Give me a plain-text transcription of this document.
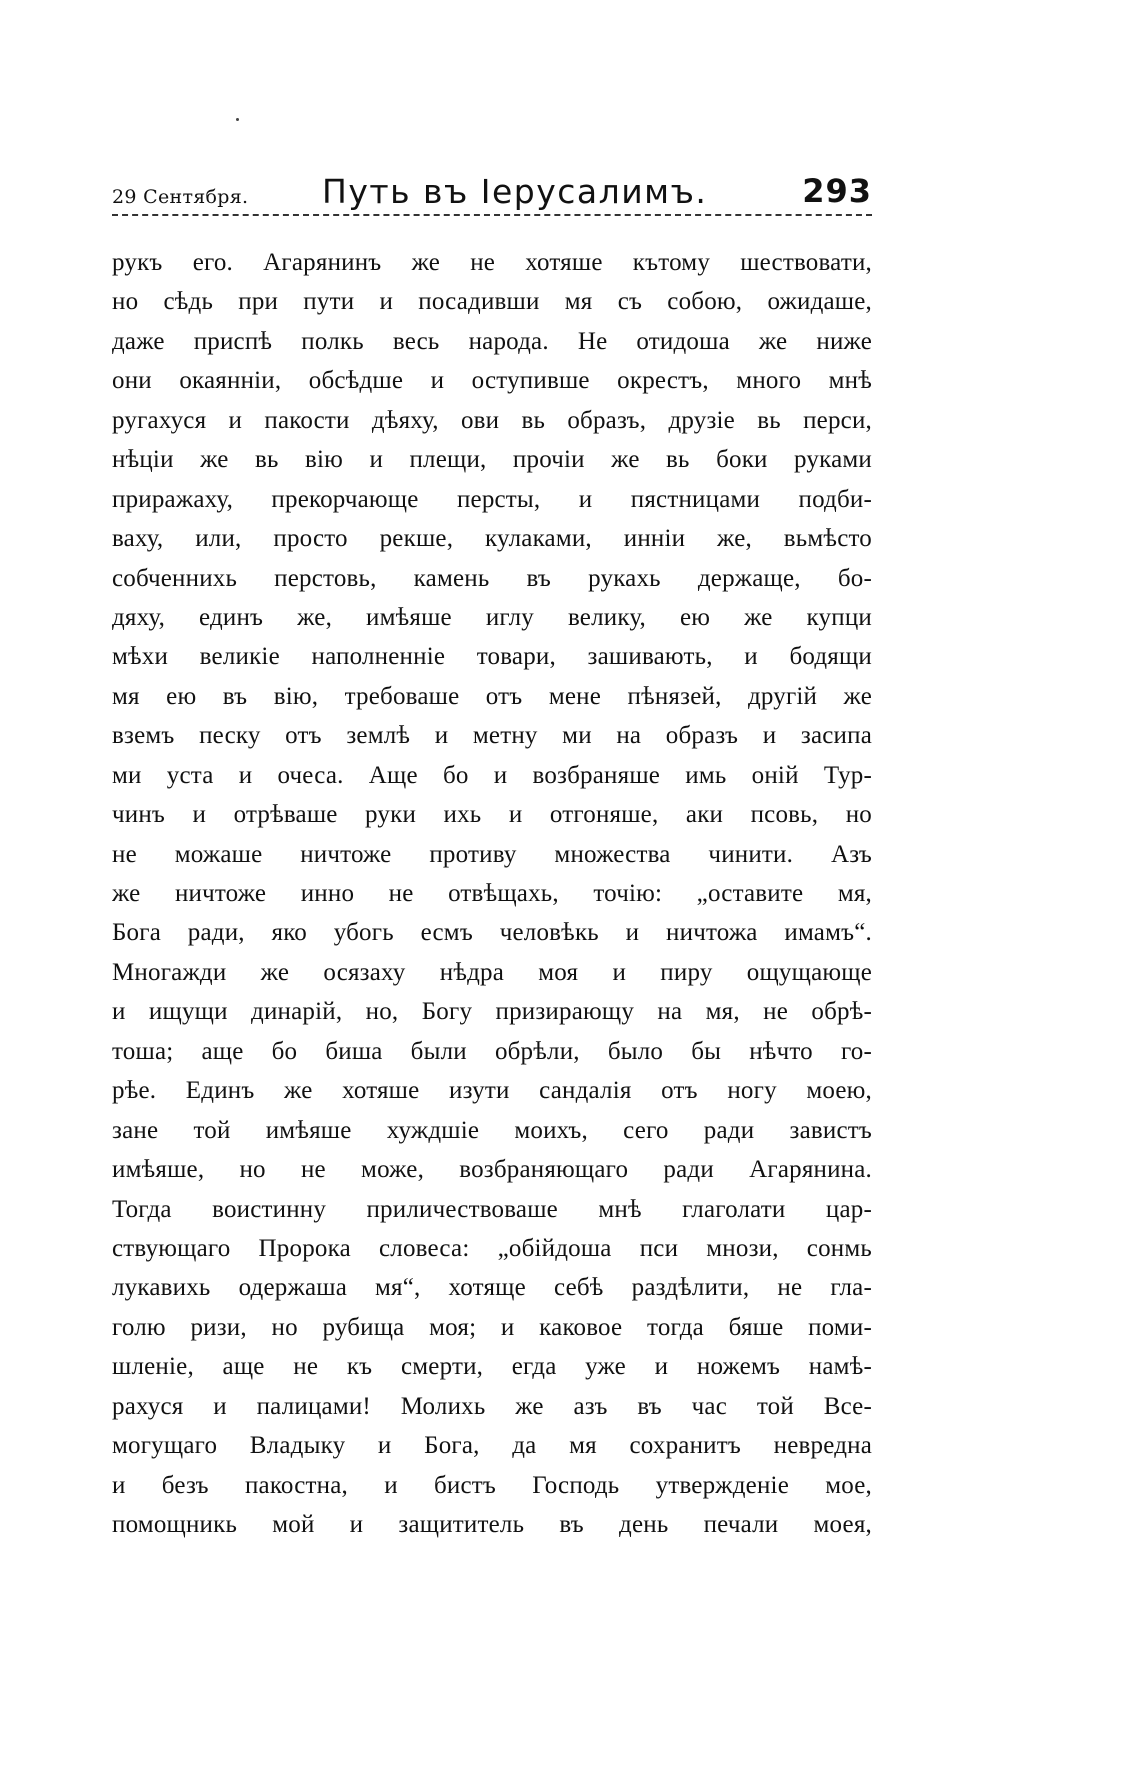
29 Сентября. Путь въ Іерусалимъ.	293
рукъ его. Агарянинъ же не хотяше кътому шествовати,
но сѣдь при пути и посадивши мя съ собою, ожидаше,
даже приспѣ полкь весь народа. Не отидоша же ниже
они окаяннiи, обсѣдше и оступивше окрестъ, много мнѣ
ругахуся и пакости дѣяху, ови вь образъ, друзiе вь перси,
нѣцiи же вь вiю и плещи, прочiи же вь боки руками
приражаху, прекорчающе персты, и пястницами подби-
ваху, или, просто рекше, кулаками, иннiи же, вьмѣсто
собченнихь перстовь, камень въ рукахь держаще, бо-
дяху, единъ же, имѣяше иглу велику, ею же купци
мѣхи великiе наполненнiе товари, зашивають, и бодящи
мя ею въ вiю, требоваше отъ мене пѣнязей, другiй же
вземъ песку отъ землѣ и метну ми на образъ и засипа
ми уста и очеса. Аще бо и возбраняше имь онiй Тур-
чинъ и отрѣваше руки ихь и отгоняше, аки псовь, но
не можаше ничтоже противу множества чинити. Азъ
же ничтоже инно не отвѣщахь, точiю: „оставите мя,
Бога ради, яко убогь есмъ человѣкь и ничтожа имамъ“.
Многажди же осязаху нѣдра моя и пиру ощущающе
и ищущи динарiй, но, Богу призирающу на мя, не обрѣ-
тоша; аще бо биша были обрѣли, было бы нѣчто го-
рѣе. Единъ же хотяше изути сандалiя отъ ногу моею,
зане той имѣяше хуждшiе моихъ, сего ради завистъ
имѣяше, но не може, возбраняющаго ради Агарянина.
Тогда воистинну приличествоваше мнѣ глаголати цар-
ствующаго Пророка словеса: „обiйдоша пси мнози, сонмь
лукавихь одержаша мя“, хотяще себѣ раздѣлити, не гла-
голю ризи, но рубища моя; и каковое тогда бяше поми-
шленiе, аще не къ смерти, егда уже и ножемъ намѣ-
рахуся и палицами! Молихь же азъ въ час той Все-
могущаго Владыку и Бога, да мя сохранитъ невредна
и безъ пакостна, и бистъ Господь утвержденiе мое,
помощникь мой и защититель въ день печали моея,
